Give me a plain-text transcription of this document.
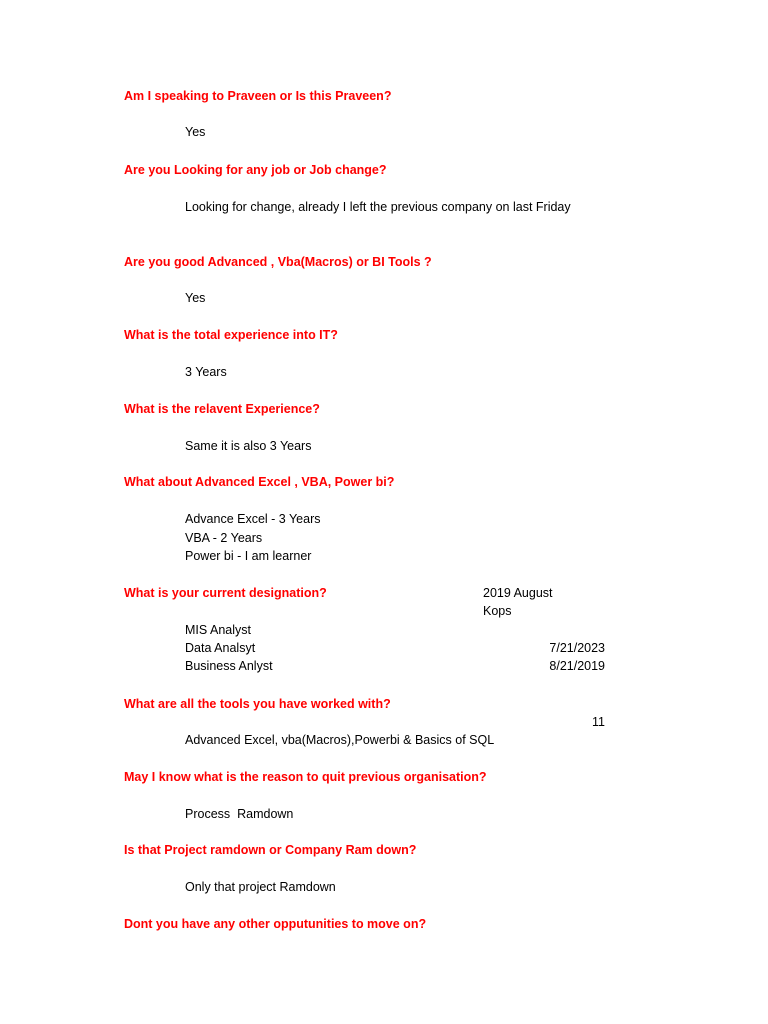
Am I speaking to Praveen or Is this Praveen?
Yes
Are you Looking for any job or Job change?
Looking for change, already I left the previous company on last Friday
Are you good Advanced , Vba(Macros) or BI Tools ?
Yes
What is the total experience into IT?
3 Years
What is the relavent Experience?
Same it is also 3 Years
What about Advanced Excel , VBA, Power bi?
Advance Excel - 3 Years
VBA - 2 Years
Power bi - I am learner
What is your current designation?	2019 August
Kops
MIS Analyst
Data Analsyt	7/21/2023
Business Anlyst	8/21/2019
What are all the tools you have worked with?
11
Advanced Excel, vba(Macros),Powerbi & Basics of SQL
May I know what is the reason to quit previous organisation?
Process  Ramdown
Is that Project ramdown or Company Ram down?
Only that project Ramdown
Dont you have any other opputunities to move on?
